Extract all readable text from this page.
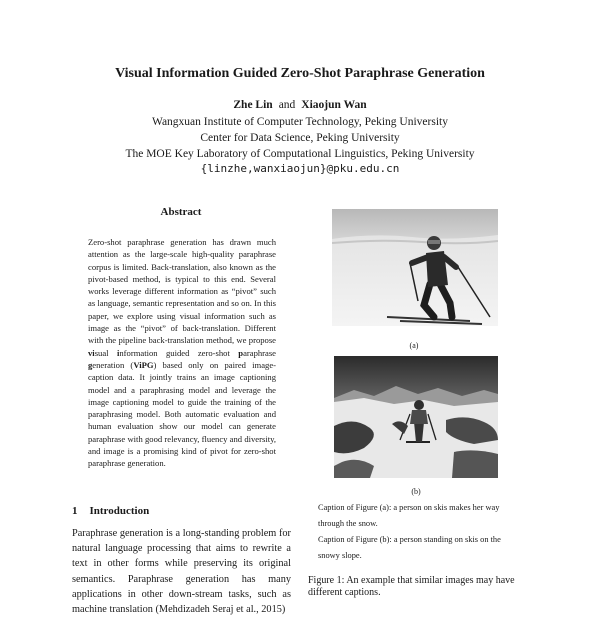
Visual Information Guided Zero-Shot Paraphrase Generation
Zhe Lin and Xiaojun Wan
Wangxuan Institute of Computer Technology, Peking University
Center for Data Science, Peking University
The MOE Key Laboratory of Computational Linguistics, Peking University
{linzhe,wanxiaojun}@pku.edu.cn
Abstract
Zero-shot paraphrase generation has drawn much attention as the large-scale high-quality paraphrase corpus is limited. Back-translation, also known as the pivot-based method, is typical to this end. Several works leverage different information as “pivot” such as language, semantic representation and so on. In this paper, we explore using visual information such as image as the “pivot” of back-translation. Different with the pipeline back-translation method, we propose visual information guided zero-shot paraphrase generation (ViPG) based only on paired image-caption data. It jointly trains an image captioning model and a paraphrasing model and leverage the image captioning model to guide the training of the paraphrasing model. Both automatic evaluation and human evaluation show our model can generate paraphrase with good relevancy, fluency and diversity, and image is a promising kind of pivot for zero-shot paraphrase generation.
1 Introduction
Paraphrase generation is a long-standing problem for natural language processing that aims to rewrite a text in other forms while preserving its original semantics. Paraphrase generation has many applications in other down-stream tasks, such as machine translation (Mehdizadeh Seraj et al., 2015)
(a)
(b)
Caption of Figure (a): a person on skis makes her way
through the snow.
Caption of Figure (b): a person standing on skis on the
snowy slope.
Figure 1: An example that similar images may have different captions.
